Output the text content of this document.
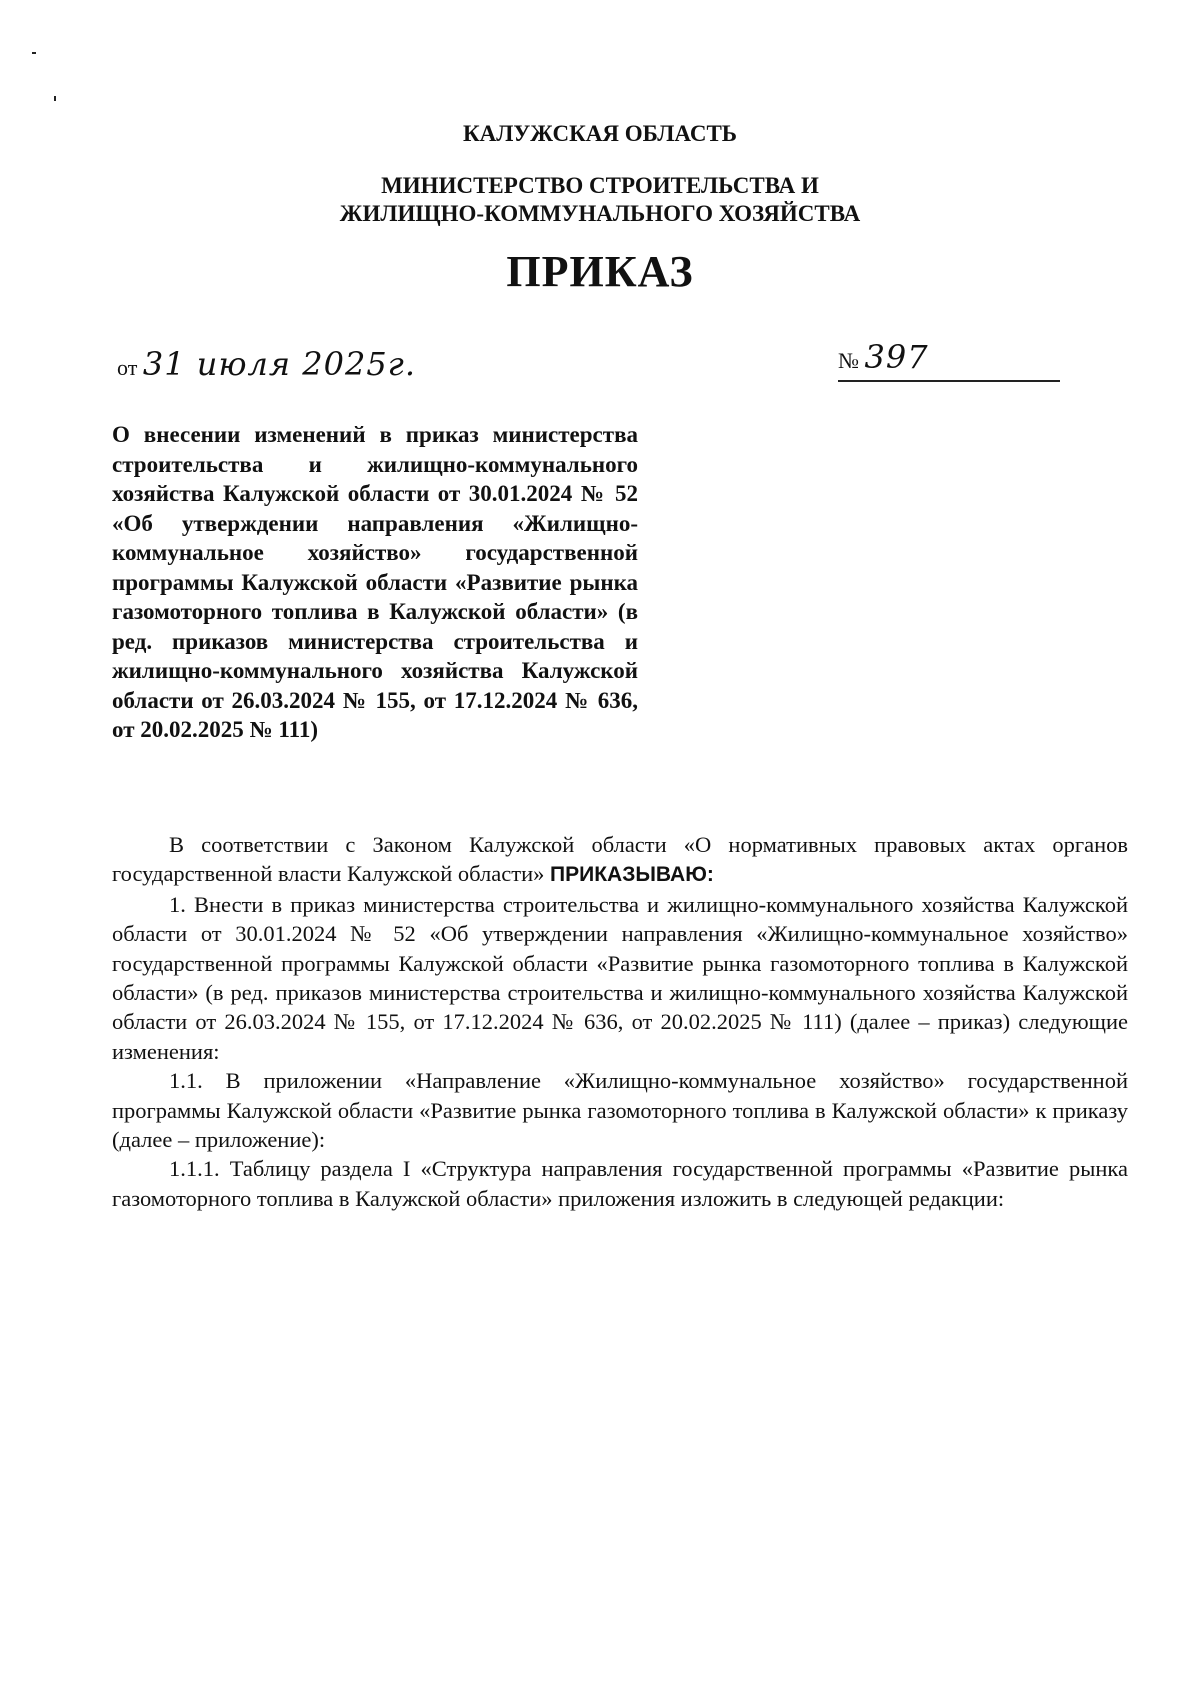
КАЛУЖСКАЯ ОБЛАСТЬ
МИНИСТЕРСТВО СТРОИТЕЛЬСТВА И
ЖИЛИЩНО-КОММУНАЛЬНОГО ХОЗЯЙСТВА
ПРИКАЗ
от 31 июля 2025г.	№ 397
О внесении изменений в приказ министерства строительства и жилищно-коммунального хозяйства Калужской области от 30.01.2024 № 52 «Об утверждении направления «Жилищно-коммунальное хозяйство» государственной программы Калужской области «Развитие рынка газомоторного топлива в Калужской области» (в ред. приказов министерства строительства и жилищно-коммунального хозяйства Калужской области от 26.03.2024 № 155, от 17.12.2024 № 636, от 20.02.2025 № 111)

В соответствии с Законом Калужской области «О нормативных правовых актах органов государственной власти Калужской области» ПРИКАЗЫВАЮ:

1. Внести в приказ министерства строительства и жилищно-коммунального хозяйства Калужской области от 30.01.2024 № 52 «Об утверждении направления «Жилищно-коммунальное хозяйство» государственной программы Калужской области «Развитие рынка газомоторного топлива в Калужской области» (в ред. приказов министерства строительства и жилищно-коммунального хозяйства Калужской области от 26.03.2024 № 155, от 17.12.2024 № 636, от 20.02.2025 № 111) (далее – приказ) следующие изменения:

1.1. В приложении «Направление «Жилищно-коммунальное хозяйство» государственной программы Калужской области «Развитие рынка газомоторного топлива в Калужской области» к приказу (далее – приложение):

1.1.1. Таблицу раздела I «Структура направления государственной программы «Развитие рынка газомоторного топлива в Калужской области» приложения изложить в следующей редакции:
